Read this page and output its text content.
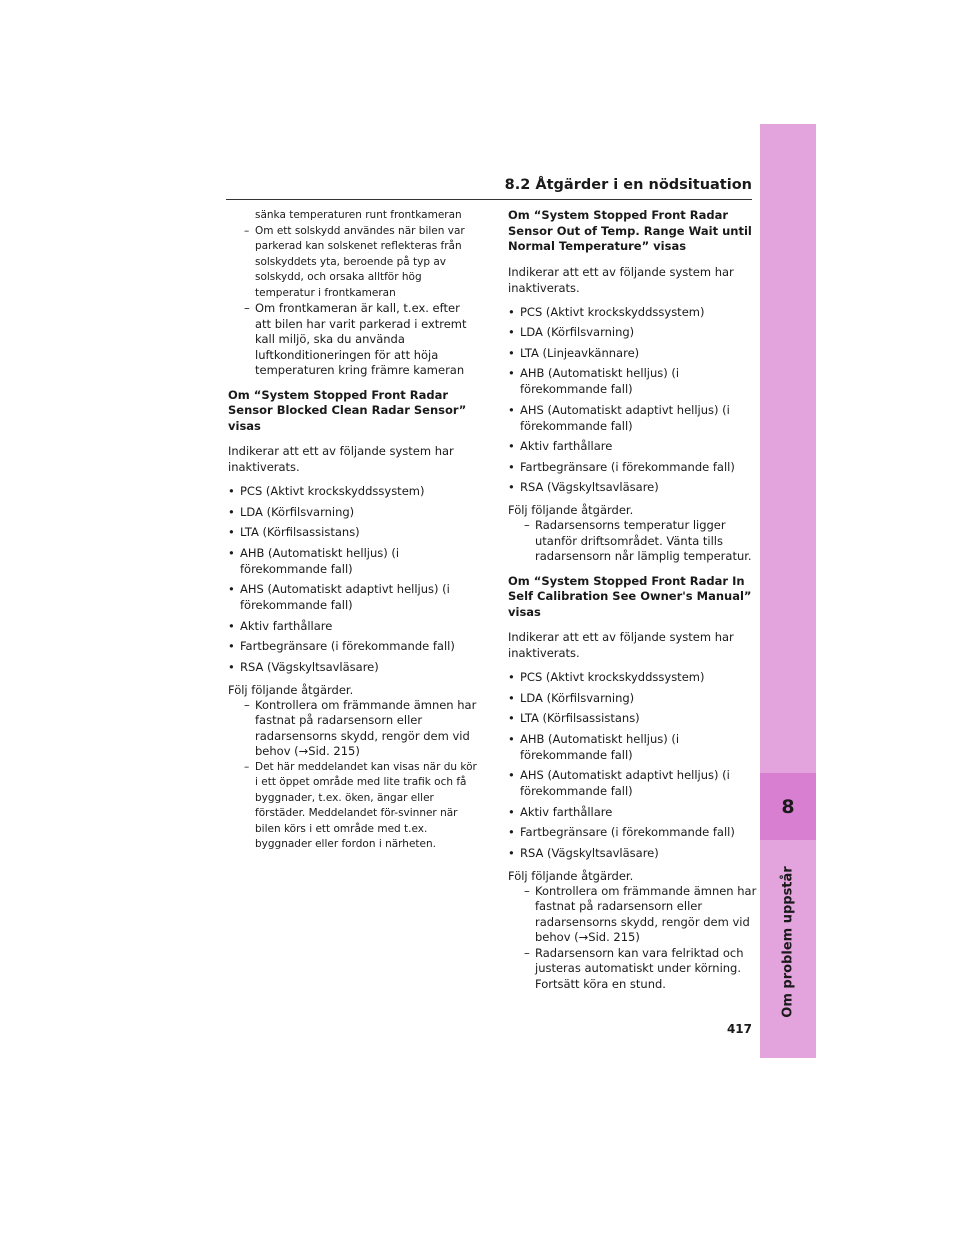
8.2 Åtgärder i en nödsituation
8
Om problem uppstår
417
sänka temperaturen runt frontkameran
– Om ett solskydd användes när bilen var parkerad kan solskenet reflekteras från solskyddets yta, beroende på typ av solskydd, och orsaka alltför hög temperatur i frontkameran
– Om frontkameran är kall, t.ex. efter att bilen har varit parkerad i extremt kall miljö, ska du använda luftkonditioneringen för att höja temperaturen kring främre kameran
Om “System Stopped Front Radar Sensor Blocked Clean Radar Sensor” visas

Indikerar att ett av följande system har inaktiverats.

• PCS (Aktivt krockskyddssystem)
• LDA (Körfilsvarning)
• LTA (Körfilsassistans)
• AHB (Automatiskt helljus) (i förekommande fall)
• AHS (Automatiskt adaptivt helljus) (i förekommande fall)
• Aktiv farthållare
• Fartbegränsare (i förekommande fall)
• RSA (Vägskyltsavläsare)

Följ följande åtgärder.

– Kontrollera om främmande ämnen har fastnat på radarsensorn eller radarsensorns skydd, rengör dem vid behov (→Sid. 215)
– Det här meddelandet kan visas när du kör i ett öppet område med lite trafik och få byggnader, t.ex. öken, ängar eller förstäder. Meddelandet för-svinner när bilen körs i ett område med t.ex. byggnader eller fordon i närheten.
Om “System Stopped Front Radar Sensor Out of Temp. Range Wait until Normal Temperature” visas

Indikerar att ett av följande system har inaktiverats.

• PCS (Aktivt krockskyddssystem)
• LDA (Körfilsvarning)
• LTA (Linjeavkännare)
• AHB (Automatiskt helljus) (i förekommande fall)
• AHS (Automatiskt adaptivt helljus) (i förekommande fall)
• Aktiv farthållare
• Fartbegränsare (i förekommande fall)
• RSA (Vägskyltsavläsare)

Följ följande åtgärder.

– Radarsensorns temperatur ligger utanför driftsområdet. Vänta tills radarsensorn når lämplig temperatur.
Om “System Stopped Front Radar In Self Calibration See Owner's Manual” visas

Indikerar att ett av följande system har inaktiverats.

• PCS (Aktivt krockskyddssystem)
• LDA (Körfilsvarning)
• LTA (Körfilsassistans)
• AHB (Automatiskt helljus) (i förekommande fall)
• AHS (Automatiskt adaptivt helljus) (i förekommande fall)
• Aktiv farthållare
• Fartbegränsare (i förekommande fall)
• RSA (Vägskyltsavläsare)

Följ följande åtgärder.

– Kontrollera om främmande ämnen har fastnat på radarsensorn eller radarsensorns skydd, rengör dem vid behov (→Sid. 215)
– Radarsensorn kan vara felriktad och justeras automatiskt under körning. Fortsätt köra en stund.
